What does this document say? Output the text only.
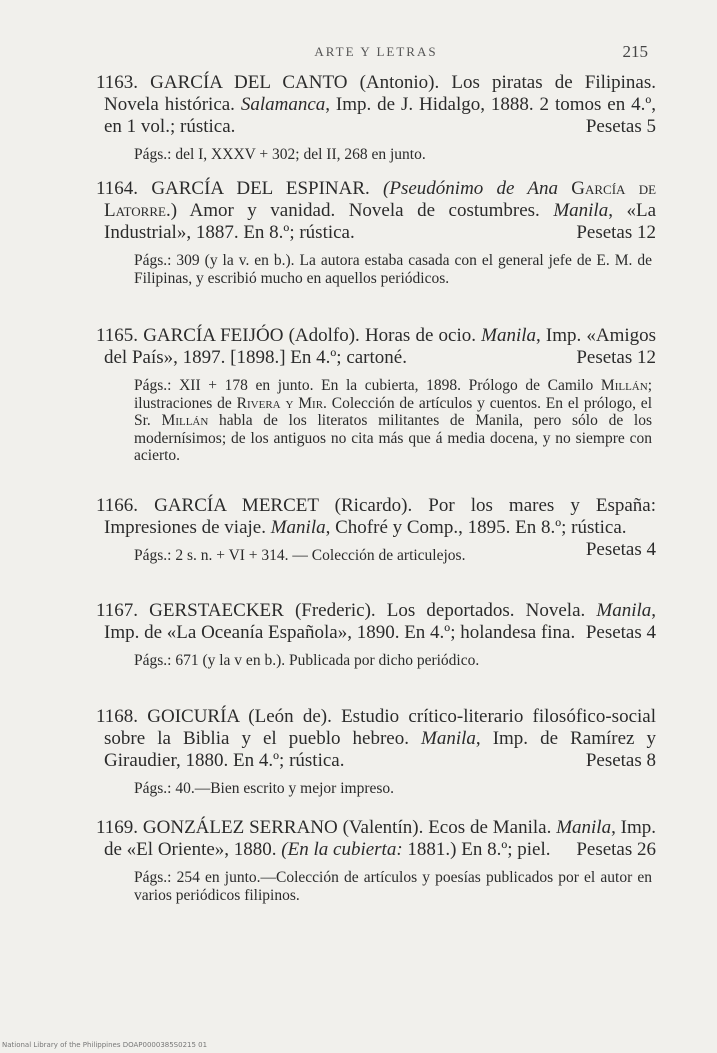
ARTE Y LETRAS	215

1163. GARCÍA DEL CANTO (Antonio). Los piratas de Filipinas. Novela histórica. Salamanca, Imp. de J. Hidalgo, 1888. 2 tomos en 4.º, en 1 vol.; rústica.	Pesetas 5

Págs.: del I, XXXV + 302; del II, 268 en junto.

1164. GARCÍA DEL ESPINAR. (Pseudónimo de Ana García de Latorre.) Amor y vanidad. Novela de costumbres. Manila, «La Industrial», 1887. En 8.º; rústica.	Pesetas 12

Págs.: 309 (y la v. en b.). La autora estaba casada con el general jefe de E. M. de Filipinas, y escribió mucho en aquellos periódicos.

1165. GARCÍA FEIJÓO (Adolfo). Horas de ocio. Manila, Imp. «Amigos del País», 1897. [1898.] En 4.º; cartoné.	Pesetas 12

Págs.: XII + 178 en junto. En la cubierta, 1898. Prólogo de Camilo Millán; ilustraciones de Rivera y Mir. Colección de artículos y cuentos. En el prólogo, el Sr. Millán habla de los literatos militantes de Manila, pero sólo de los modernísimos; de los antiguos no cita más que á media docena, y no siempre con acierto.

1166. GARCÍA MERCET (Ricardo). Por los mares y España: Impresiones de viaje. Manila, Chofré y Comp., 1895. En 8.º; rústica.
Pesetas 4

Págs.: 2 s. n. + VI + 314. — Colección de articulejos.

1167. GERSTAECKER (Frederic). Los deportados. Novela. Manila, Imp. de «La Oceanía Española», 1890. En 4.º; holandesa fina. Pesetas 4

Págs.: 671 (y la v en b.). Publicada por dicho periódico.

1168. GOICURÍA (León de). Estudio crítico-literario filosófico-social sobre la Biblia y el pueblo hebreo. Manila, Imp. de Ramírez y Giraudier, 1880. En 4.º; rústica.	Pesetas 8

Págs.: 40.—Bien escrito y mejor impreso.

1169. GONZÁLEZ SERRANO (Valentín). Ecos de Manila. Manila, Imp. de «El Oriente», 1880. (En la cubierta: 1881.) En 8.º; piel. Pesetas 26

Págs.: 254 en junto.—Colección de artículos y poesías publicados por el autor en varios periódicos filipinos.

National Library of the Philippines DOAP0000385S0215 01
